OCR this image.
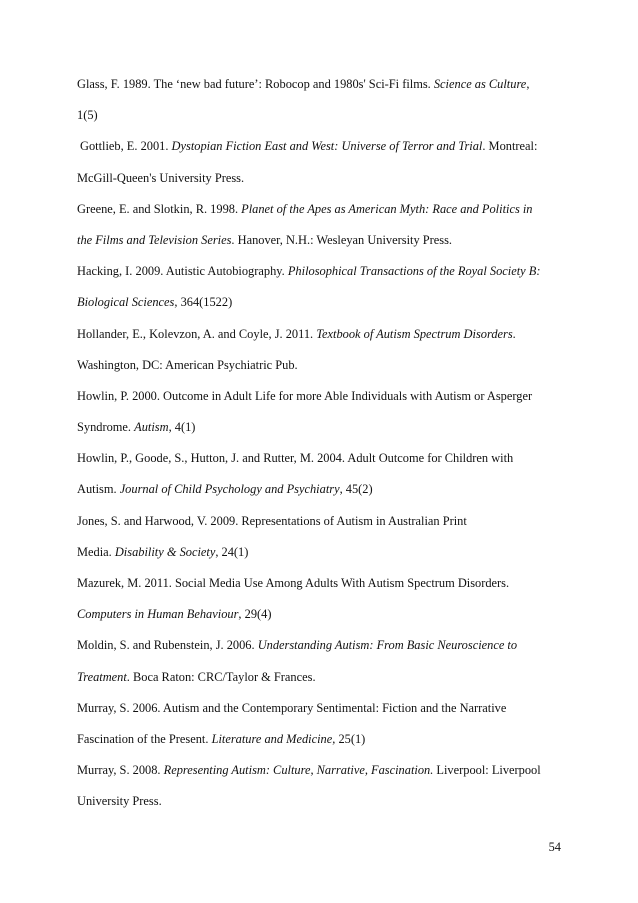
Glass, F. 1989. The ‘new bad future’: Robocop and 1980s' Sci-Fi films. Science as Culture,
1(5)
Gottlieb, E. 2001. Dystopian Fiction East and West: Universe of Terror and Trial. Montreal:
McGill-Queen's University Press.
Greene, E. and Slotkin, R. 1998. Planet of the Apes as American Myth: Race and Politics in
the Films and Television Series. Hanover, N.H.: Wesleyan University Press.
Hacking, I. 2009. Autistic Autobiography. Philosophical Transactions of the Royal Society B:
Biological Sciences, 364(1522)
Hollander, E., Kolevzon, A. and Coyle, J. 2011. Textbook of Autism Spectrum Disorders.
Washington, DC: American Psychiatric Pub.
Howlin, P. 2000. Outcome in Adult Life for more Able Individuals with Autism or Asperger
Syndrome. Autism, 4(1)
Howlin, P., Goode, S., Hutton, J. and Rutter, M. 2004. Adult Outcome for Children with
Autism. Journal of Child Psychology and Psychiatry, 45(2)
Jones, S. and Harwood, V. 2009. Representations of Autism in Australian Print
Media. Disability & Society, 24(1)
Mazurek, M. 2011. Social Media Use Among Adults With Autism Spectrum Disorders.
Computers in Human Behaviour, 29(4)
Moldin, S. and Rubenstein, J. 2006. Understanding Autism: From Basic Neuroscience to
Treatment. Boca Raton: CRC/Taylor & Frances.
Murray, S. 2006. Autism and the Contemporary Sentimental: Fiction and the Narrative
Fascination of the Present. Literature and Medicine, 25(1)
Murray, S. 2008. Representing Autism: Culture, Narrative, Fascination. Liverpool: Liverpool
University Press.
54
